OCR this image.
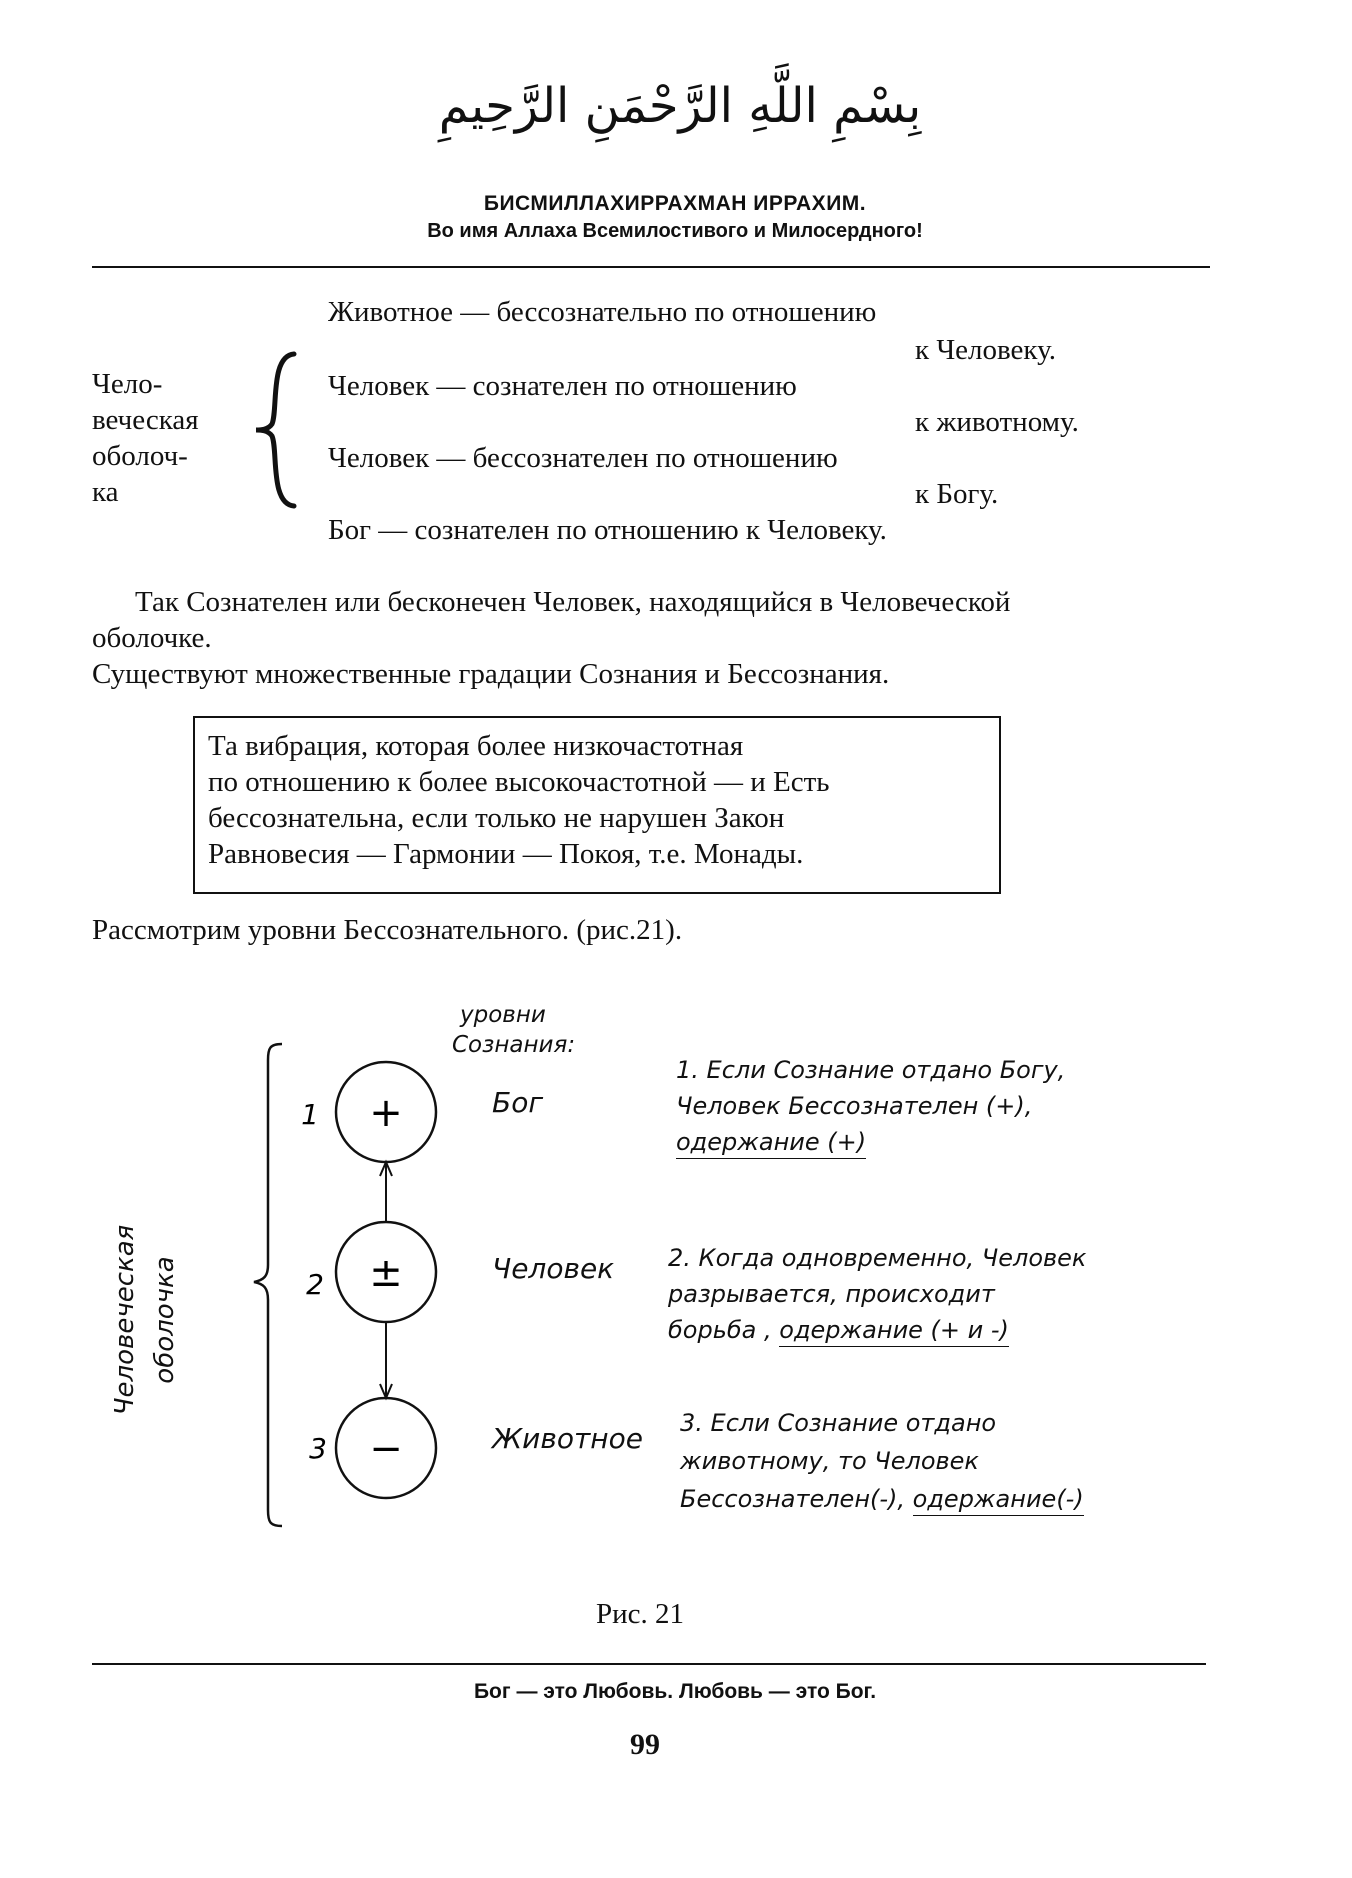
بِسْمِ اللَّهِ الرَّحْمَنِ الرَّحِيمِ
БИСМИЛЛАХИРРАХМАН ИРРАХИМ.
Во имя Аллаха Всемилостивого и Милосердного!
Чело-
веческая
оболоч-
ка
Животное — бессознательно по отношению
к Человеку.
Человек — сознателен по отношению
к животному.
Человек — бессознателен по отношению
к Богу.
Бог — сознателен по отношению к Человеку.
Так Сознателен или бесконечен Человек, находящийся в Человеческой
оболочке.
Существуют множественные градации Сознания и Бессознания.
Та вибрация, которая более низкочастотная
по отношению к более высокочастотной — и Есть
бессознательна, если только не нарушен Закон
Равновесия — Гармонии — Покоя, т.е. Монады.
Рассмотрим уровни Бессознательного. (рис.21).
уровни
Сознания:
+
±
−
1
2
3
Человеческая оболочка
Бог
Человек
Животное
1. Если Сознание отдано Богу,
Человек Бессознателен (+),
одержание (+)
2. Когда одновременно, Человек
разрывается, происходит
борьба , одержание (+ и -)
3. Если Сознание отдано
животному, то Человек
Бессознателен(-), одержание(-)
Рис. 21
Бог — это Любовь. Любовь — это Бог.
99
